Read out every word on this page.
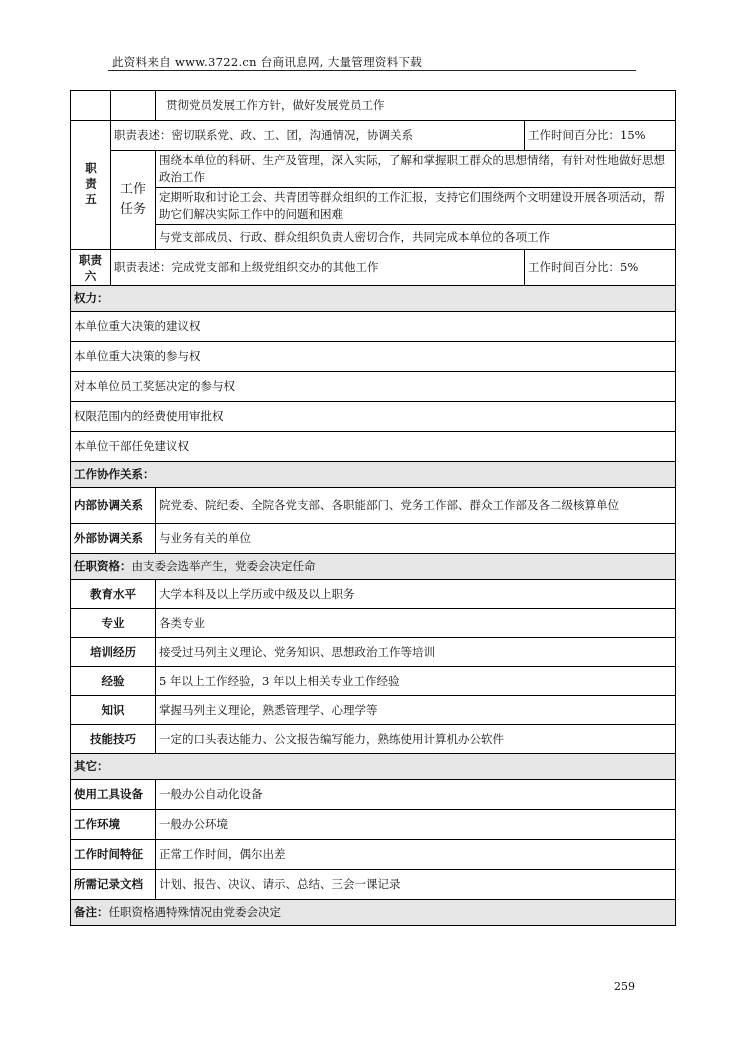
此资料来自 www.3722.cn 台商讯息网, 大量管理资料下载
		贯彻党员发展工作方针，做好发展党员工作	

职责五	职责表述：密切联系党、政、工、团，沟通情况，协调关系		工作时间百分比：15%

	工作任务	围绕本单位的科研、生产及管理，深入实际，了解和掌握职工群众的思想情绪，有针对性地做好思想政治工作	
		定期听取和讨论工会、共青团等群众组织的工作汇报，支持它们围绕两个文明建设开展各项活动，帮助它们解决实际工作中的问题和困难	
		与党支部成员、行政、群众组织负责人密切合作，共同完成本单位的各项工作	

职责六	职责表述：完成党支部和上级党组织交办的其他工作		工作时间百分比：5%
权力：			
本单位重大决策的建议权			
本单位重大决策的参与权			
对本单位员工奖惩决定的参与权			
权限范围内的经费使用审批权			
本单位干部任免建议权			
工作协作关系：			
内部协调关系		院党委、院纪委、全院各党支部、各职能部门、党务工作部、群众工作部及各二级核算单位	
外部协调关系		与业务有关的单位	
任职资格：由支委会选举产生，党委会决定任命			
教育水平		大学本科及以上学历或中级及以上职务	
专业		各类专业	
培训经历		接受过马列主义理论、党务知识、思想政治工作等培训	
经验		5 年以上工作经验，3 年以上相关专业工作经验	
知识		掌握马列主义理论，熟悉管理学、心理学等	
技能技巧		一定的口头表达能力、公文报告编写能力，熟练使用计算机办公软件	
其它：			
使用工具设备		一般办公自动化设备	
工作环境		一般办公环境	
工作时间特征		正常工作时间，偶尔出差	
所需记录文档		计划、报告、决议、请示、总结、三会一课记录	
备注：任职资格遇特殊情况由党委会决定			
259
